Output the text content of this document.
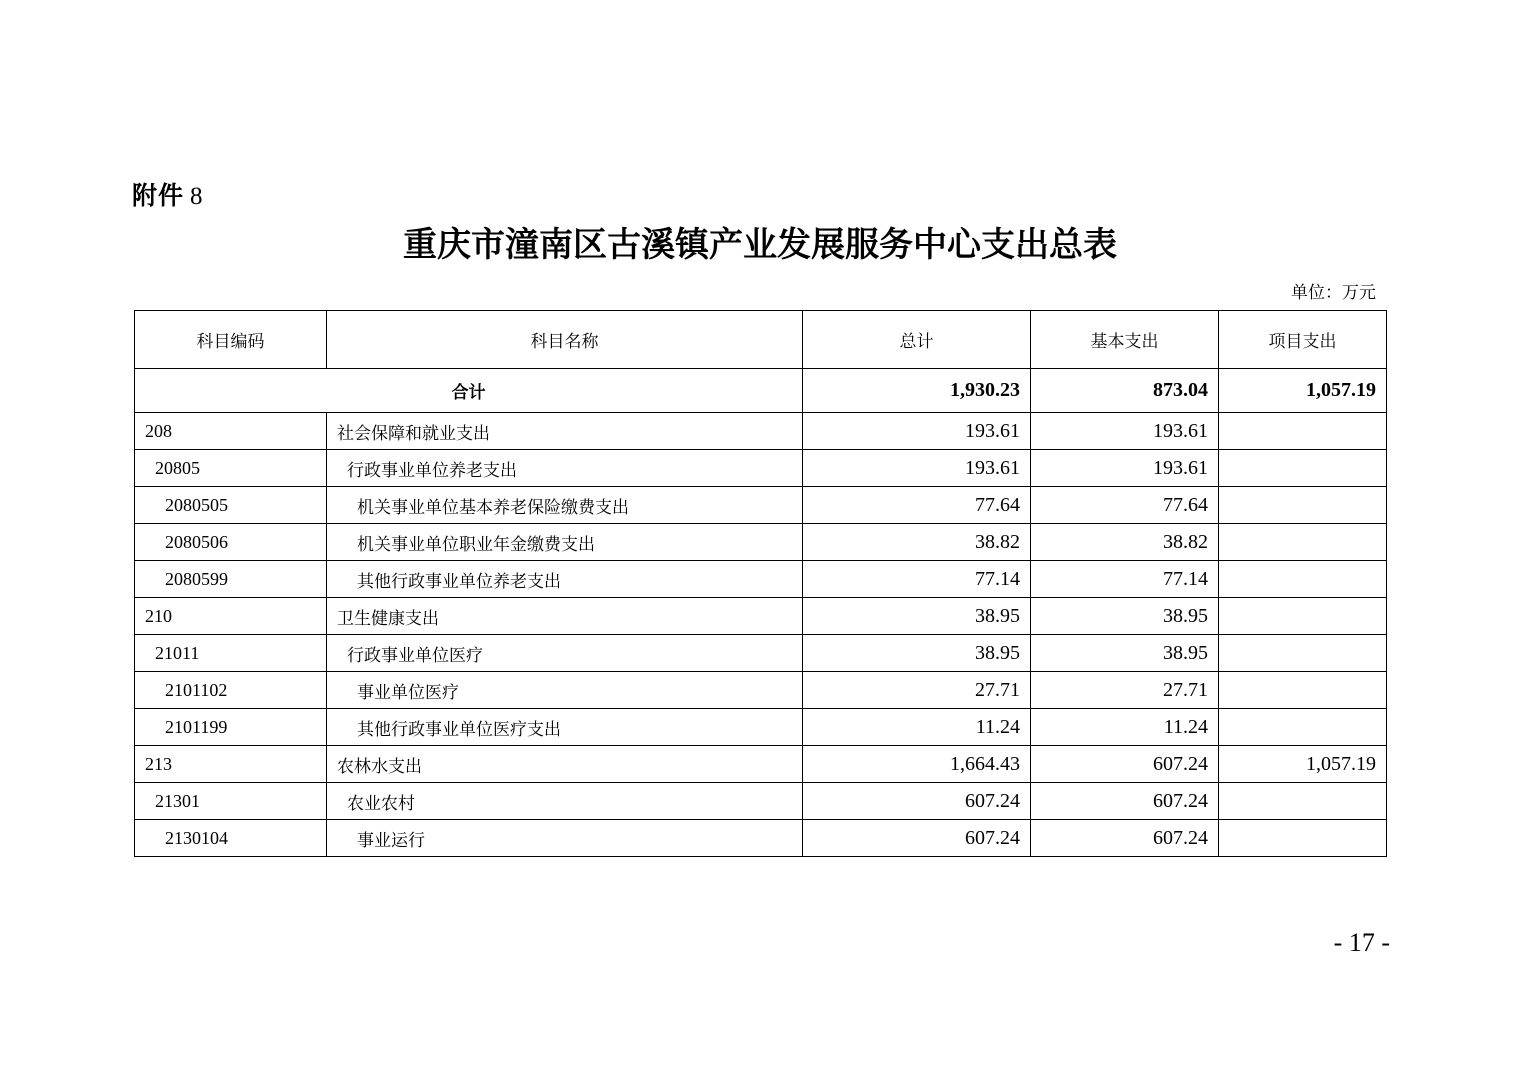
附件 8
重庆市潼南区古溪镇产业发展服务中心支出总表
单位：万元
科目编码	科目名称	总计	基本支出	项目支出
合计		1,930.23	873.04	1,057.19
208	社会保障和就业支出	193.61	193.61	
20805	行政事业单位养老支出	193.61	193.61	
2080505	机关事业单位基本养老保险缴费支出	77.64	77.64	
2080506	机关事业单位职业年金缴费支出	38.82	38.82	
2080599	其他行政事业单位养老支出	77.14	77.14	
210	卫生健康支出	38.95	38.95	
21011	行政事业单位医疗	38.95	38.95	
2101102	事业单位医疗	27.71	27.71	
2101199	其他行政事业单位医疗支出	11.24	11.24	
213	农林水支出	1,664.43	607.24	1,057.19
21301	农业农村	607.24	607.24	
2130104	事业运行	607.24	607.24	
- 17 -
